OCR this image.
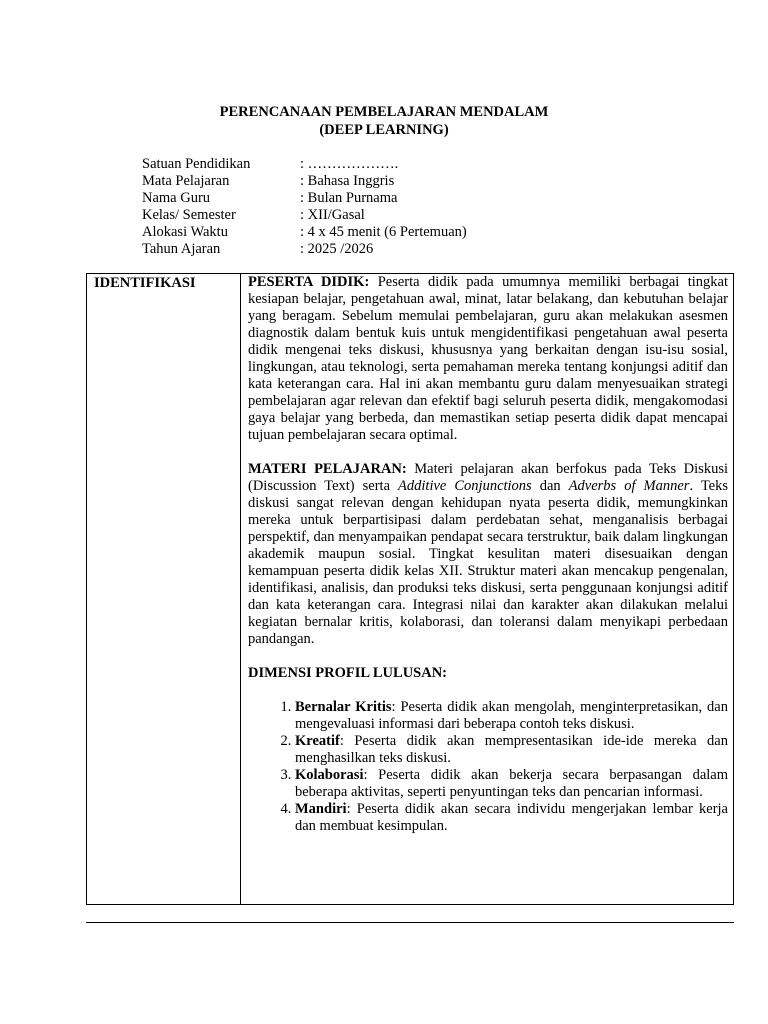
PERENCANAAN PEMBELAJARAN MENDALAM
(DEEP LEARNING)
Satuan Pendidikan	: ……………….
Mata Pelajaran	: Bahasa Inggris
Nama Guru	: Bulan Purnama
Kelas/ Semester	: XII/Gasal
Alokasi Waktu	: 4 x 45 menit (6 Pertemuan)
Tahun Ajaran	: 2025 /2026
IDENTIFIKASI	PESERTA DIDIK: Peserta didik pada umumnya memiliki berbagai tingkat kesiapan belajar, pengetahuan awal, minat, latar belakang, dan kebutuhan belajar yang beragam. Sebelum memulai pembelajaran, guru akan melakukan asesmen diagnostik dalam bentuk kuis untuk mengidentifikasi pengetahuan awal peserta didik mengenai teks diskusi, khususnya yang berkaitan dengan isu-isu sosial, lingkungan, atau teknologi, serta pemahaman mereka tentang konjungsi aditif dan kata keterangan cara. Hal ini akan membantu guru dalam menyesuaikan strategi pembelajaran agar relevan dan efektif bagi seluruh peserta didik, mengakomodasi gaya belajar yang berbeda, dan memastikan setiap peserta didik dapat mencapai tujuan pembelajaran secara optimal.

MATERI PELAJARAN: Materi pelajaran akan berfokus pada Teks Diskusi (Discussion Text) serta Additive Conjunctions dan Adverbs of Manner. Teks diskusi sangat relevan dengan kehidupan nyata peserta didik, memungkinkan mereka untuk berpartisipasi dalam perdebatan sehat, menganalisis berbagai perspektif, dan menyampaikan pendapat secara terstruktur, baik dalam lingkungan akademik maupun sosial. Tingkat kesulitan materi disesuaikan dengan kemampuan peserta didik kelas XII. Struktur materi akan mencakup pengenalan, identifikasi, analisis, dan produksi teks diskusi, serta penggunaan konjungsi aditif dan kata keterangan cara. Integrasi nilai dan karakter akan dilakukan melalui kegiatan bernalar kritis, kolaborasi, dan toleransi dalam menyikapi perbedaan pandangan.

DIMENSI PROFIL LULUSAN:

1. Bernalar Kritis: Peserta didik akan mengolah, menginterpretasikan, dan mengevaluasi informasi dari beberapa contoh teks diskusi.
2. Kreatif: Peserta didik akan mempresentasikan ide-ide mereka dan menghasilkan teks diskusi.
3. Kolaborasi: Peserta didik akan bekerja secara berpasangan dalam beberapa aktivitas, seperti penyuntingan teks dan pencarian informasi.
4. Mandiri: Peserta didik akan secara individu mengerjakan lembar kerja dan membuat kesimpulan.
